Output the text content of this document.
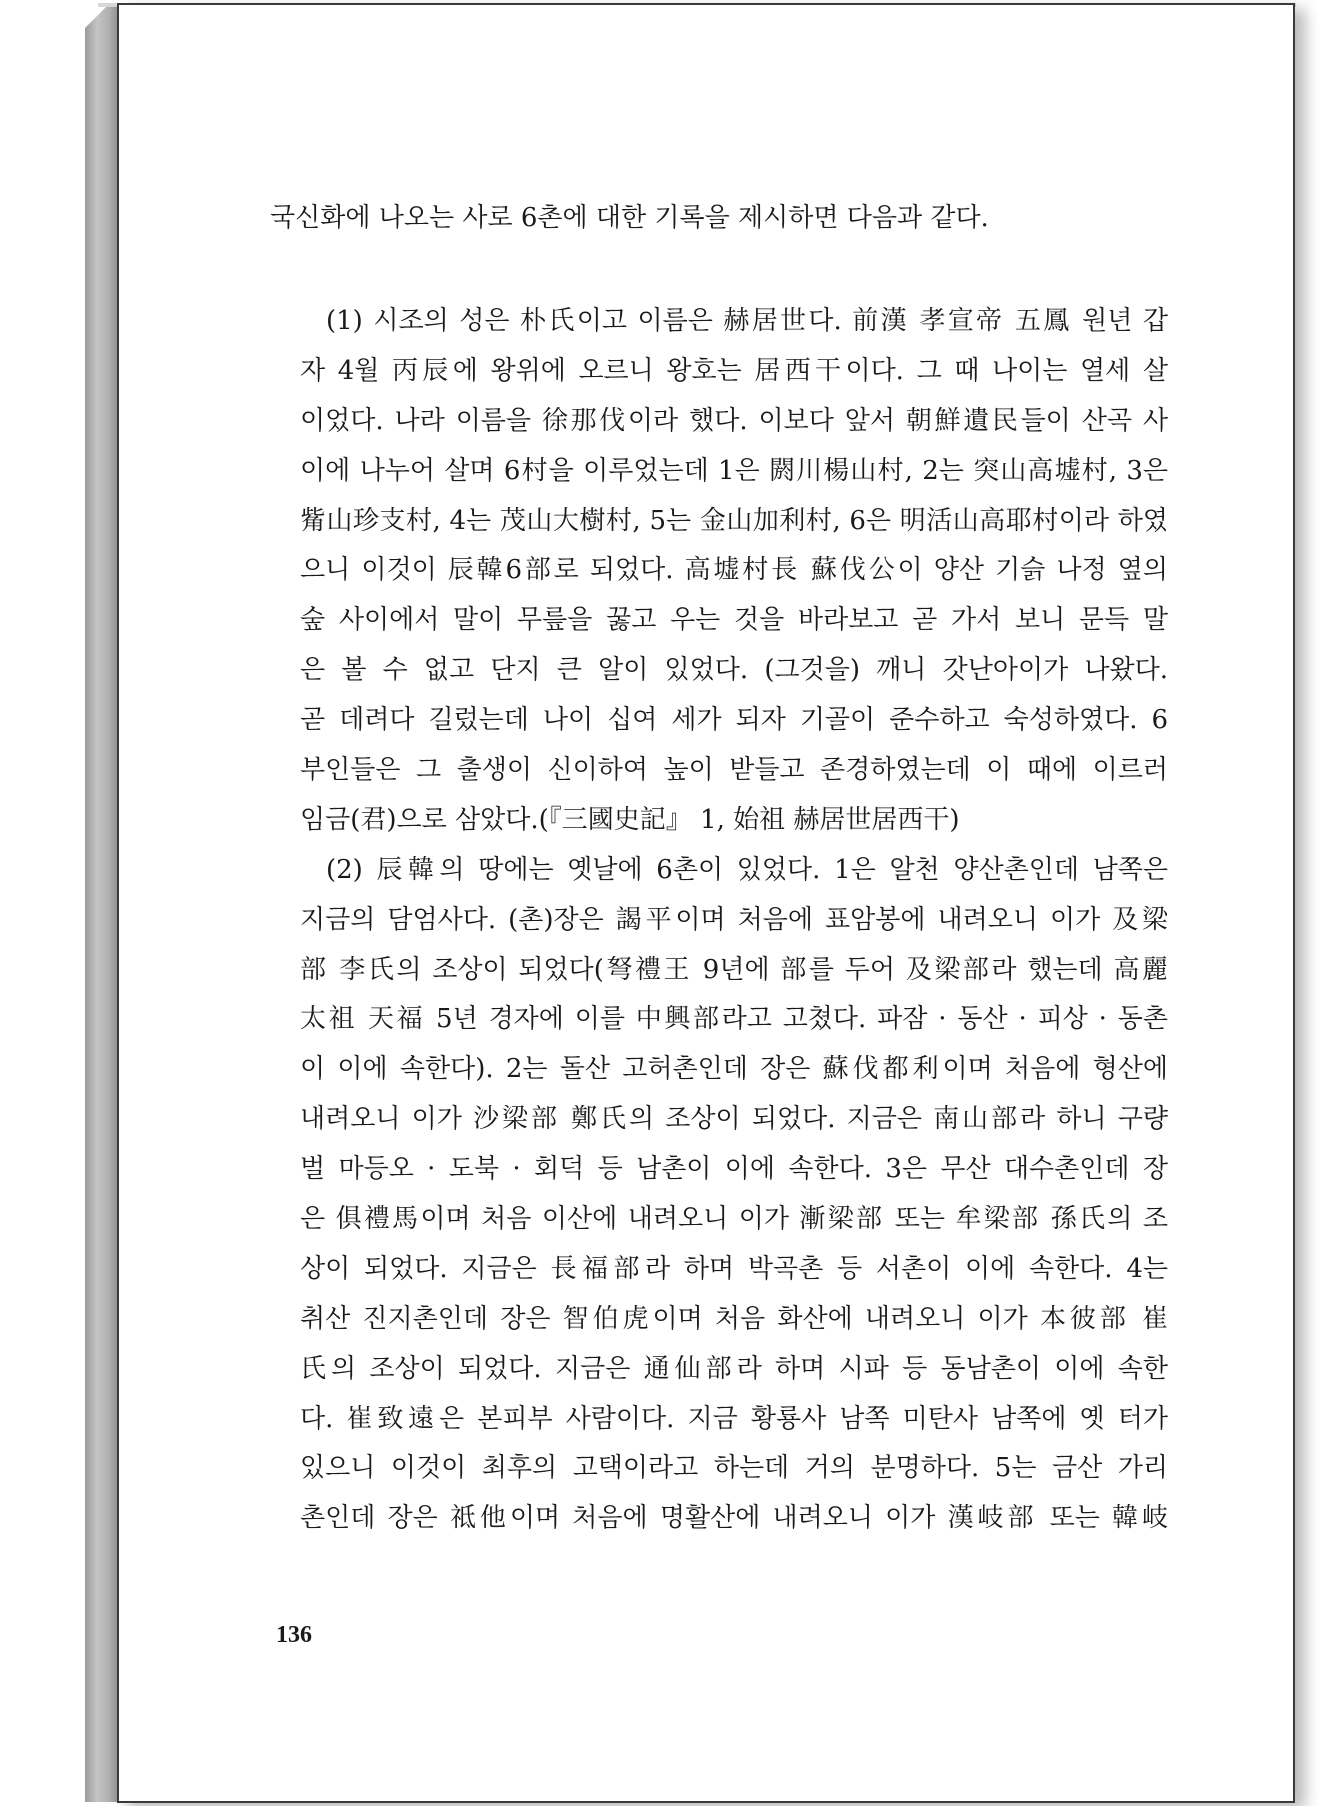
국신화에 나오는 사로 6촌에 대한 기록을 제시하면 다음과 같다.
(1) 시조의 성은 朴氏이고 이름은 赫居世다. 前漢 孝宣帝 五鳳 원년 갑
자 4월 丙辰에 왕위에 오르니 왕호는 居西干이다. 그 때 나이는 열세 살
이었다. 나라 이름을 徐那伐이라 했다. 이보다 앞서 朝鮮遺民들이 산곡 사
이에 나누어 살며 6村을 이루었는데 1은 閼川楊山村, 2는 突山高墟村, 3은
觜山珍支村, 4는 茂山大樹村, 5는 金山加利村, 6은 明活山高耶村이라 하였
으니 이것이 辰韓6部로 되었다. 高墟村長 蘇伐公이 양산 기슭 나정 옆의
숲 사이에서 말이 무릎을 꿇고 우는 것을 바라보고 곧 가서 보니 문득 말
은 볼 수 없고 단지 큰 알이 있었다. (그것을) 깨니 갓난아이가 나왔다.
곧 데려다 길렀는데 나이 십여 세가 되자 기골이 준수하고 숙성하였다. 6
부인들은 그 출생이 신이하여 높이 받들고 존경하였는데 이 때에 이르러
임금(君)으로 삼았다.(『三國史記』 1, 始祖 赫居世居西干)
(2) 辰韓의 땅에는 옛날에 6촌이 있었다. 1은 알천 양산촌인데 남쪽은
지금의 담엄사다. (촌)장은 謁平이며 처음에 표암봉에 내려오니 이가 及梁
部 李氏의 조상이 되었다(弩禮王 9년에 部를 두어 及梁部라 했는데 高麗
太祖 天福 5년 경자에 이를 中興部라고 고쳤다. 파잠 · 동산 · 피상 · 동촌
이 이에 속한다). 2는 돌산 고허촌인데 장은 蘇伐都利이며 처음에 형산에
내려오니 이가 沙梁部 鄭氏의 조상이 되었다. 지금은 南山部라 하니 구량
벌 마등오 · 도북 · 회덕 등 남촌이 이에 속한다. 3은 무산 대수촌인데 장
은 俱禮馬이며 처음 이산에 내려오니 이가 漸梁部 또는 牟梁部 孫氏의 조
상이 되었다. 지금은 長福部라 하며 박곡촌 등 서촌이 이에 속한다. 4는
취산 진지촌인데 장은 智伯虎이며 처음 화산에 내려오니 이가 本彼部 崔
氏의 조상이 되었다. 지금은 通仙部라 하며 시파 등 동남촌이 이에 속한
다. 崔致遠은 본피부 사람이다. 지금 황룡사 남쪽 미탄사 남쪽에 옛 터가
있으니 이것이 최후의 고택이라고 하는데 거의 분명하다. 5는 금산 가리
촌인데 장은 祗他이며 처음에 명활산에 내려오니 이가 漢岐部 또는 韓岐
136
